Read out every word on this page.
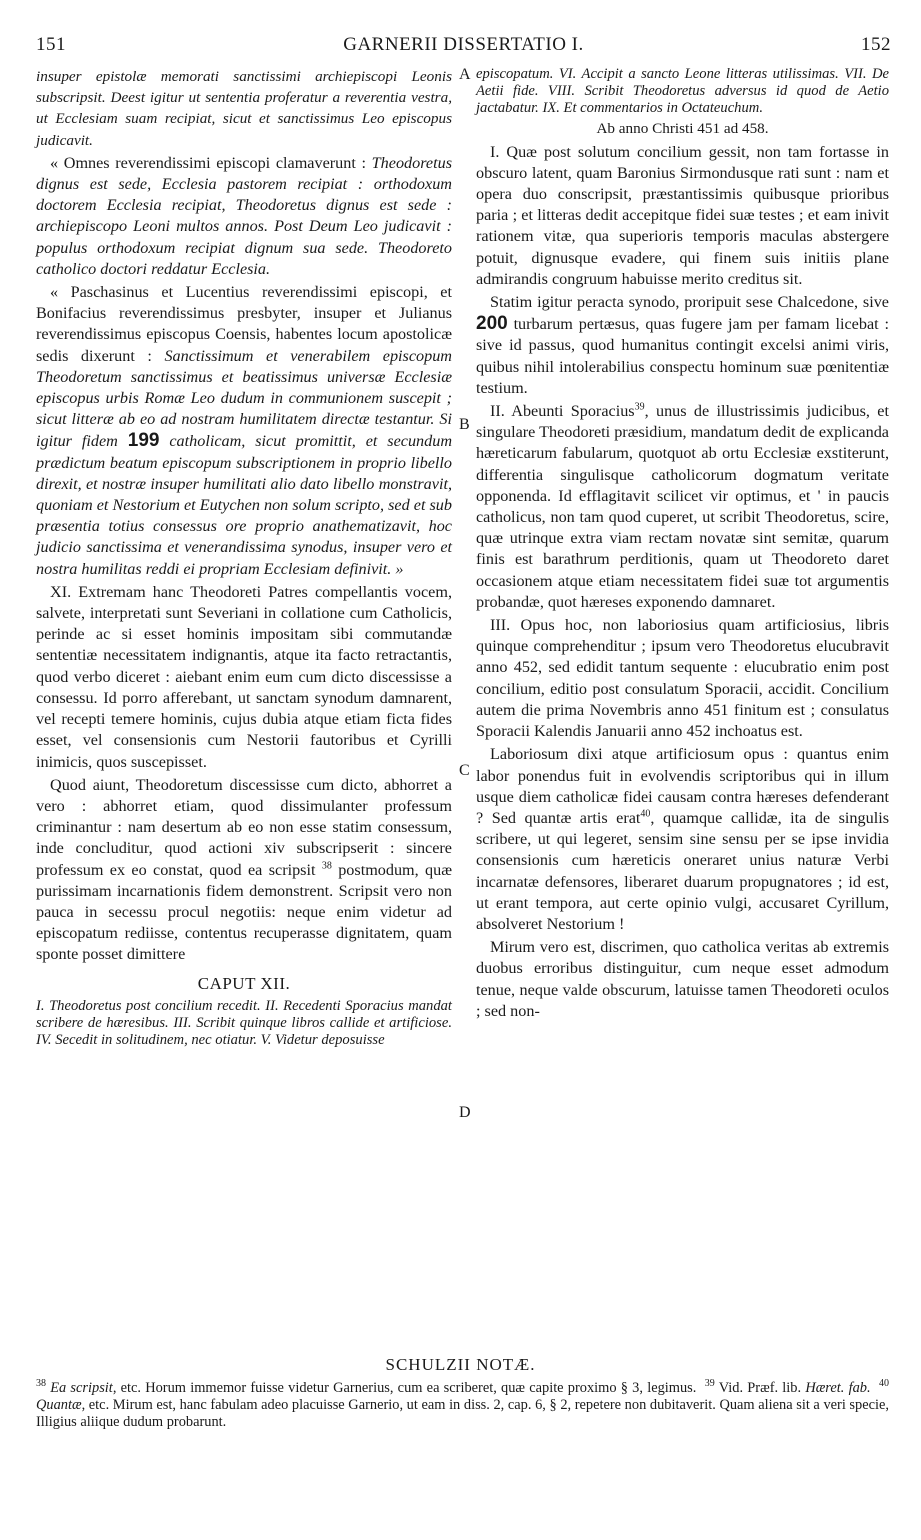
151	GARNERII DISSERTATIO I.	152

insuper epistolæ memorati sanctissimi archiepiscopi Leonis subscripsit. Deest igitur ut sententia proferatur a reverentia vestra, ut Ecclesiam suam recipiat, sicut et sanctissimus Leo episcopus judicavit.

« Omnes reverendissimi episcopi clamaverunt : Theodoretus dignus est sede, Ecclesia pastorem recipiat : orthodoxum doctorem Ecclesia recipiat, Theodoretus dignus est sede : archiepiscopo Leoni multos annos. Post Deum Leo judicavit : populus orthodoxum recipiat dignum sua sede. Theodoreto catholico doctori reddatur Ecclesia.

« Paschasinus et Lucentius reverendissimi episcopi, et Bonifacius reverendissimus presbyter, insuper et Julianus reverendissimus episcopus Coensis, habentes locum apostolicæ sedis dixerunt : Sanctissimum et venerabilem episcopum Theodoretum sanctissimus et beatissimus universæ Ecclesiæ episcopus urbis Romæ Leo dudum in communionem suscepit ; sicut litteræ ab eo ad nostram humilitatem directæ testantur. Si igitur fidem 199 catholicam, sicut promittit, et secundum prædictum beatum episcopum subscriptionem in proprio libello direxit, et nostræ insuper humilitati alio dato libello monstravit, quoniam et Nestorium et Eutychen non solum scripto, sed et sub præsentia totius consessus ore proprio anathematizavit, hoc judicio sanctissima et venerandissima synodus, insuper vero et nostra humilitas reddi ei propriam Ecclesiam definivit. »

XI. Extremam hanc Theodoreti Patres compellantis vocem, salvete, interpretati sunt Severiani in collatione cum Catholicis, perinde ac si esset hominis impositam sibi commutandæ sententiæ necessitatem indignantis, atque ita facto retractantis, quod verbo diceret : aiebant enim eum cum dicto discessisse a consessu. Id porro afferebant, ut sanctam synodum damnarent, vel recepti temere hominis, cujus dubia atque etiam ficta fides esset, vel consensionis cum Nestorii fautoribus et Cyrilli inimicis, quos suscepisset.

Quod aiunt, Theodoretum discessisse cum dicto, abhorret a vero : abhorret etiam, quod dissimulanter professum criminantur : nam desertum ab eo non esse statim consessum, inde concluditur, quod actioni xiv subscripserit : sincere professum ex eo constat, quod ea scripsit $^{38}$ postmodum, quæ purissimam incarnationis fidem demonstrent. Scripsit vero non pauca in secessu procul negotiis: neque enim videtur ad episcopatum rediisse, contentus recuperasse dignitatem, quam sponte posset dimittere

CAPUT XII.

I. Theodoretus post concilium recedit. II. Recedenti Sporacius mandat scribere de hæresibus. III. Scribit quinque libros callide et artificiose. IV. Secedit in solitudinem, nec otiatur. V. Videtur deposuisse

A
B
C
D

episcopatum. VI. Accipit a sancto Leone litteras utilissimas. VII. De Aetii fide. VIII. Scribit Theodoretus adversus id quod de Aetio jactabatur. IX. Et commentarios in Octateuchum.

Ab anno Christi 451 ad 458.

I. Quæ post solutum concilium gessit, non tam fortasse in obscuro latent, quam Baronius Sirmondusque rati sunt : nam et opera duo conscripsit, præstantissimis quibusque prioribus paria ; et litteras dedit accepitque fidei suæ testes ; et eam inivit rationem vitæ, qua superioris temporis maculas abstergere potuit, dignusque evadere, qui finem suis initiis plane admirandis congruum habuisse merito creditus sit.

Statim igitur peracta synodo, proripuit sese Chalcedone, sive 200 turbarum pertæsus, quas fugere jam per famam licebat : sive id passus, quod humanitus contingit excelsi animi viris, quibus nihil intolerabilius conspectu hominum suæ pœnitentiæ testium.

II. Abeunti Sporacius$^{39}$, unus de illustrissimis judicibus, et singulare Theodoreti præsidium, mandatum dedit de explicanda hæreticarum fabularum, quotquot ab ortu Ecclesiæ exstiterunt, differentia singulisque catholicorum dogmatum veritate opponenda. Id efflagitavit scilicet vir optimus, et ' in paucis catholicus, non tam quod cuperet, ut scribit Theodoretus, scire, quæ utrinque extra viam rectam novatæ sint semitæ, quarum finis est barathrum perditionis, quam ut Theodoreto daret occasionem atque etiam necessitatem fidei suæ tot argumentis probandæ, quot hæreses exponendo damnaret.

III. Opus hoc, non laboriosius quam artificiosius, libris quinque comprehenditur ; ipsum vero Theodoretus elucubravit anno 452, sed edidit tantum sequente : elucubratio enim post concilium, editio post consulatum Sporacii, accidit. Concilium autem die prima Novembris anno 451 finitum est ; consulatus Sporacii Kalendis Januarii anno 452 inchoatus est.

Laboriosum dixi atque artificiosum opus : quantus enim labor ponendus fuit in evolvendis scriptoribus qui in illum usque diem catholicæ fidei causam contra hæreses defenderant ? Sed quantæ artis erat$^{40}$, quamque callidæ, ita de singulis scribere, ut qui legeret, sensim sine sensu per se ipse invidia consensionis cum hæreticis oneraret unius naturæ Verbi incarnatæ defensores, liberaret duarum propugnatores ; id est, ut erant tempora, aut certe opinio vulgi, accusaret Cyrillum, absolveret Nestorium !

Mirum vero est, discrimen, quo catholica veritas ab extremis duobus erroribus distinguitur, cum neque esset admodum tenue, neque valde obscurum, latuisse tamen Theodoreti oculos ; sed non-

SCHULZII NOTÆ.
$^{38}$ Ea scripsit, etc. Horum immemor fuisse videtur Garnerius, cum ea scriberet, quæ capite proximo § 3, legimus. $^{39}$ Vid. Præf. lib. Hæret. fab. $^{40}$ Quantæ, etc. Mirum est, hanc fabulam adeo placuisse Garnerio, ut eam in diss. 2, cap. 6, § 2, repetere non dubitaverit. Quam aliena sit a veri specie, Illigius aliique dudum probarunt.
